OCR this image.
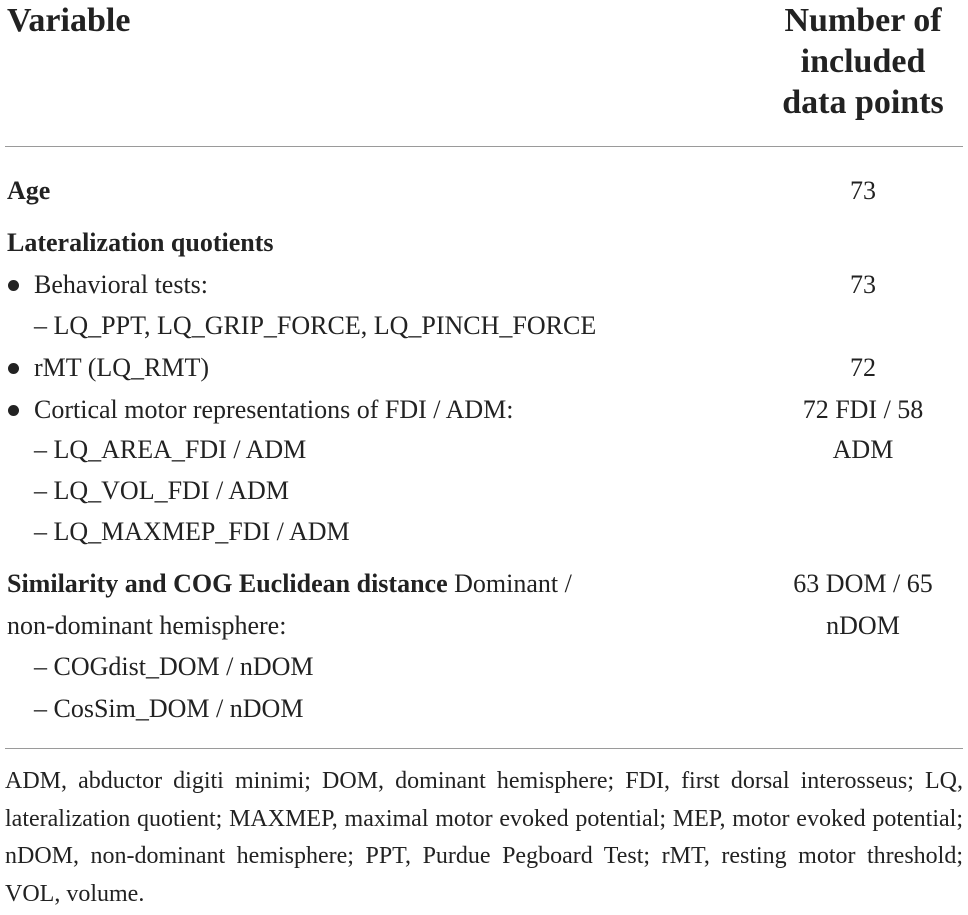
Variable	Number of
included
data points
Age	73
Lateralization quotients
Behavioral tests:	73
– LQ_PPT, LQ_GRIP_FORCE, LQ_PINCH_FORCE
rMT (LQ_RMT)	72
Cortical motor representations of FDI / ADM:	72 FDI / 58
ADM
– LQ_AREA_FDI / ADM
– LQ_VOL_FDI / ADM
– LQ_MAXMEP_FDI / ADM
Similarity and COG Euclidean distance Dominant /	63 DOM / 65
non-dominant hemisphere:	nDOM
– COGdist_DOM / nDOM
– CosSim_DOM / nDOM
ADM, abductor digiti minimi; DOM, dominant hemisphere; FDI, first dorsal interosseus; LQ, lateralization quotient; MAXMEP, maximal motor evoked potential; MEP, motor evoked potential; nDOM, non-dominant hemisphere; PPT, Purdue Pegboard Test; rMT, resting motor threshold; VOL, volume.
